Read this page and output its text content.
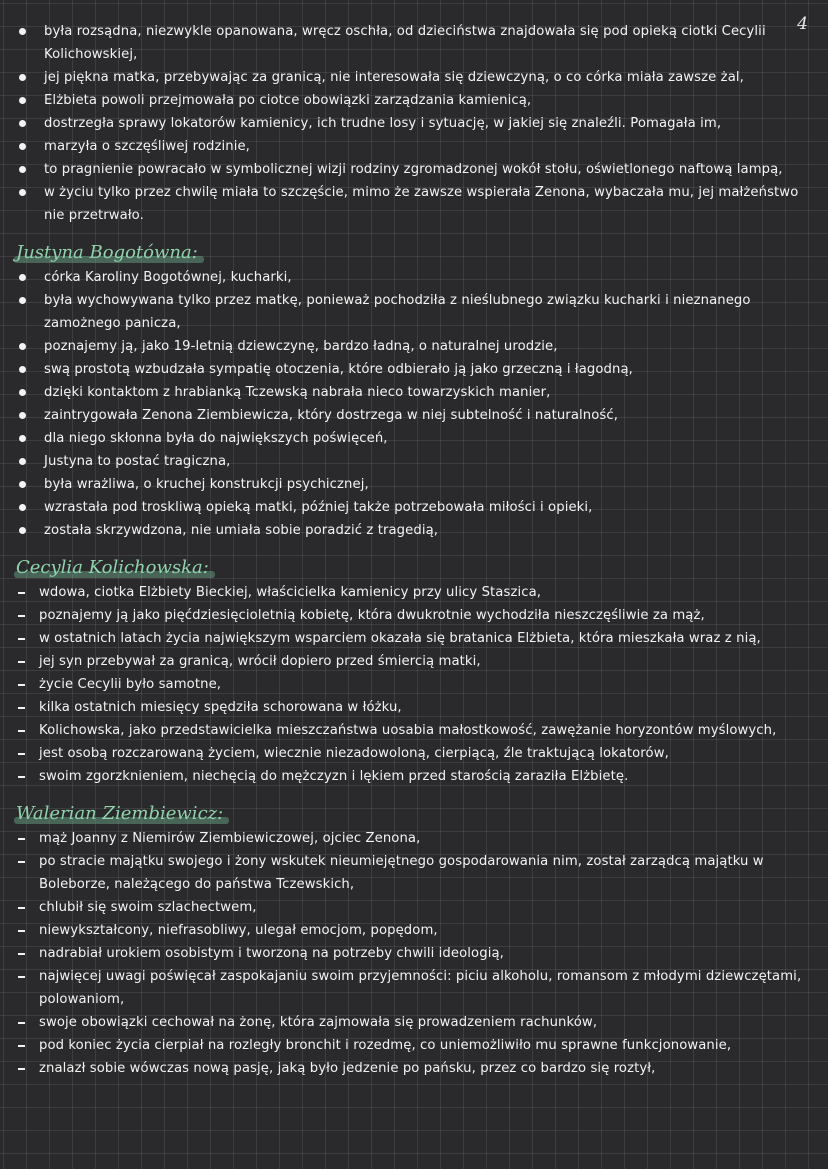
4
była rozsądna, niezwykle opanowana, wręcz oschła, od dzieciństwa znajdowała się pod opieką ciotki Cecylii Kolichowskiej,
jej piękna matka, przebywając za granicą, nie interesowała się dziewczyną, o co córka miała zawsze żal,
Elżbieta powoli przejmowała po ciotce obowiązki zarządzania kamienicą,
dostrzegła sprawy lokatorów kamienicy, ich trudne losy i sytuację, w jakiej się znaleźli. Pomagała im,
marzyła o szczęśliwej rodzinie,
to pragnienie powracało w symbolicznej wizji rodziny zgromadzonej wokół stołu, oświetlonego naftową lampą,
w życiu tylko przez chwilę miała to szczęście, mimo że zawsze wspierała Zenona, wybaczała mu, jej małżeństwo nie przetrwało.
Justyna Bogotówna:
córka Karoliny Bogotównej, kucharki,
była wychowywana tylko przez matkę, ponieważ pochodziła z nieślubnego związku kucharki i nieznanego zamożnego panicza,
poznajemy ją, jako 19-letnią dziewczynę, bardzo ładną, o naturalnej urodzie,
swą prostotą wzbudzała sympatię otoczenia, które odbierało ją jako grzeczną i łagodną,
dzięki kontaktom z hrabianką Tczewską nabrała nieco towarzyskich manier,
zaintrygowała Zenona Ziembiewicza, który dostrzega w niej subtelność i naturalność,
dla niego skłonna była do największych poświęceń,
Justyna to postać tragiczna,
była wrażliwa, o kruchej konstrukcji psychicznej,
wzrastała pod troskliwą opieką matki, później także potrzebowała miłości i opieki,
została skrzywdzona, nie umiała sobie poradzić z tragedią,
Cecylia Kolichowska:
wdowa, ciotka Elżbiety Bieckiej, właścicielka kamienicy przy ulicy Staszica,
poznajemy ją jako pięćdziesięcioletnią kobietę, która dwukrotnie wychodziła nieszczęśliwie za mąż,
w ostatnich latach życia największym wsparciem okazała się bratanica Elżbieta, która mieszkała wraz z nią,
jej syn przebywał za granicą, wrócił dopiero przed śmiercią matki,
życie Cecylii było samotne,
kilka ostatnich miesięcy spędziła schorowana w łóżku,
Kolichowska, jako przedstawicielka mieszczaństwa uosabia małostkowość, zawężanie horyzontów myślowych,
jest osobą rozczarowaną życiem, wiecznie niezadowoloną, cierpiącą, źle traktującą lokatorów,
swoim zgorzknieniem, niechęcią do mężczyzn i lękiem przed starością zaraziła Elżbietę.
Walerian Ziembiewicz:
mąż Joanny z Niemirów Ziembiewiczowej, ojciec Zenona,
po stracie majątku swojego i żony wskutek nieumiejętnego gospodarowania nim, został zarządcą majątku w Boleborze, należącego do państwa Tczewskich,
chlubił się swoim szlachectwem,
niewykształcony, niefrasobliwy, ulegał emocjom, popędom,
nadrabiał urokiem osobistym i tworzoną na potrzeby chwili ideologią,
najwięcej uwagi poświęcał zaspokajaniu swoim przyjemności: piciu alkoholu, romansom z młodymi dziewczętami, polowaniom,
swoje obowiązki cechował na żonę, która zajmowała się prowadzeniem rachunków,
pod koniec życia cierpiał na rozległy bronchit i rozedmę, co uniemożliwiło mu sprawne funkcjonowanie,
znalazł sobie wówczas nową pasję, jaką było jedzenie po pańsku, przez co bardzo się roztył,
